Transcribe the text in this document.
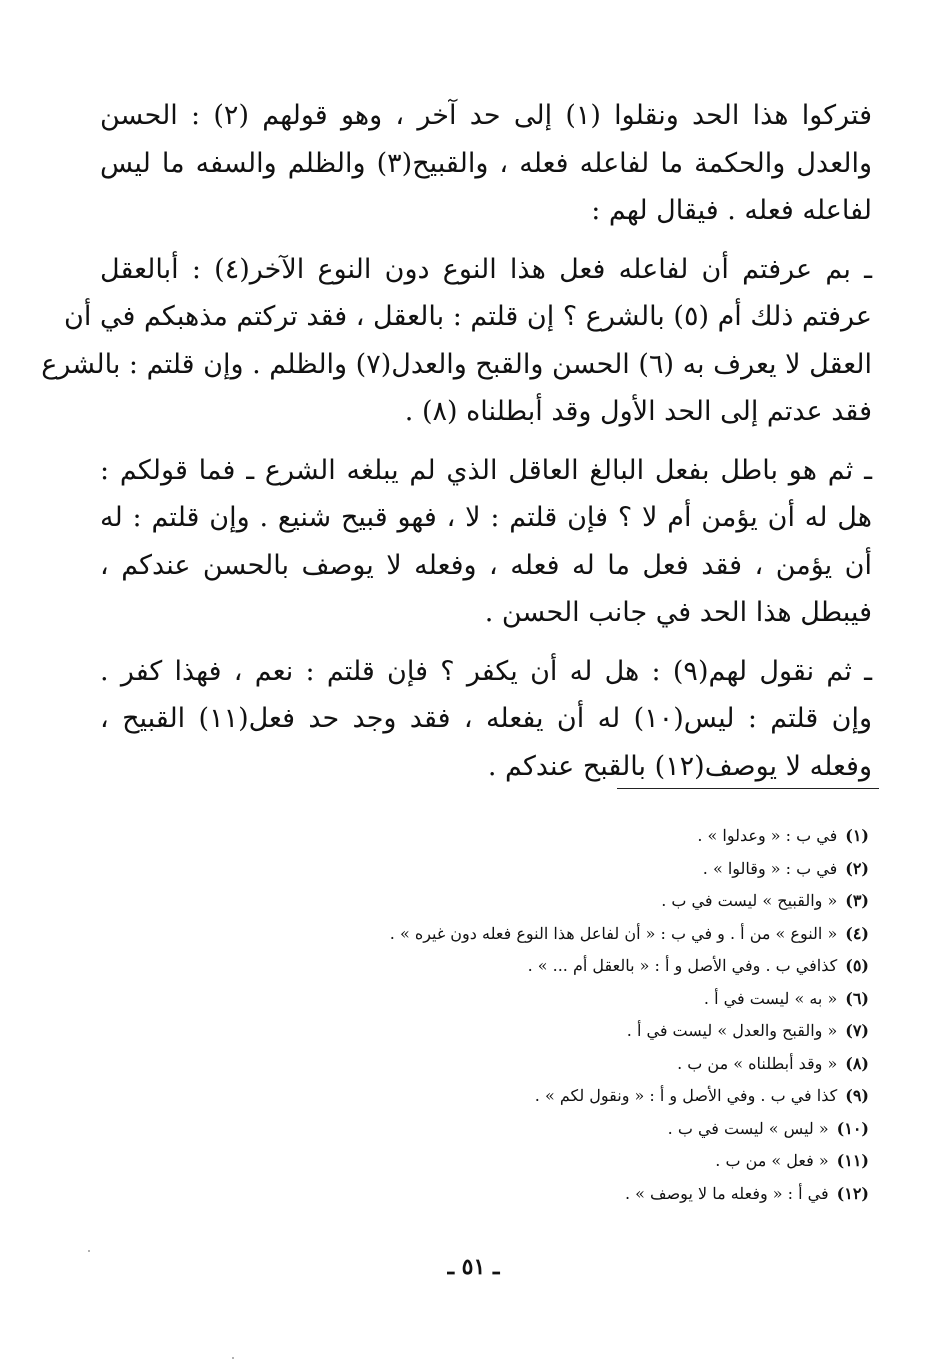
فتركوا هذا الحد ونقلوا (١) إلى حد آخر ، وهو قولهم (٢) : الحسن
والعدل والحكمة ما لفاعله فعله ، والقبيح(٣) والظلم والسفه ما ليس
لفاعله فعله . فيقال لهم :

ـ بم عرفتم أن لفاعله فعل هذا النوع دون النوع الآخر(٤) : أبالعقل
عرفتم ذلك أم (٥) بالشرع ؟ إن قلتم : بالعقل ، فقد تركتم مذهبكم في أن
العقل لا يعرف به (٦) الحسن والقبح والعدل(٧) والظلم . وإن قلتم : بالشرع
فقد عدتم إلى الحد الأول وقد أبطلناه (٨) .

ـ ثم هو باطل بفعل البالغ العاقل الذي لم يبلغه الشرع ـ فما قولكم :
هل له أن يؤمن أم لا ؟ فإن قلتم : لا ، فهو قبيح شنيع . وإن قلتم : له
أن يؤمن ، فقد فعل ما له فعله ، وفعله لا يوصف بالحسن عندكم ،
فيبطل هذا الحد في جانب الحسن .

ـ ثم نقول لهم(٩) : هل له أن يكفر ؟ فإن قلتم : نعم ، فهذا كفر .
وإن قلتم : ليس(١٠) له أن يفعله ، فقد وجد حد فعل(١١) القبيح ،
وفعله لا يوصف(١٢) بالقبح عندكم .

(١)في ب : « وعدلوا » .
(٢)في ب : « وقالوا » .
(٣)« والقبيح » ليست في ب .
(٤)« النوع » من أ . و في ب : « أن لفاعل هذا النوع فعله دون غيره » .
(٥)كذافي ب . وفي الأصل و أ : « بالعقل أم ... » .
(٦)« به » ليست في أ .
(٧)« والقبح والعدل » ليست في أ .
(٨)« وقد أبطلناه » من ب .
(٩)كذا في ب . وفي الأصل و أ : « ونقول لكم » .
(١٠)« ليس » ليست في ب .
(١١)« فعل » من ب .
(١٢)في أ : « وفعله ما لا يوصف » .
ـ ٥١ ـ
